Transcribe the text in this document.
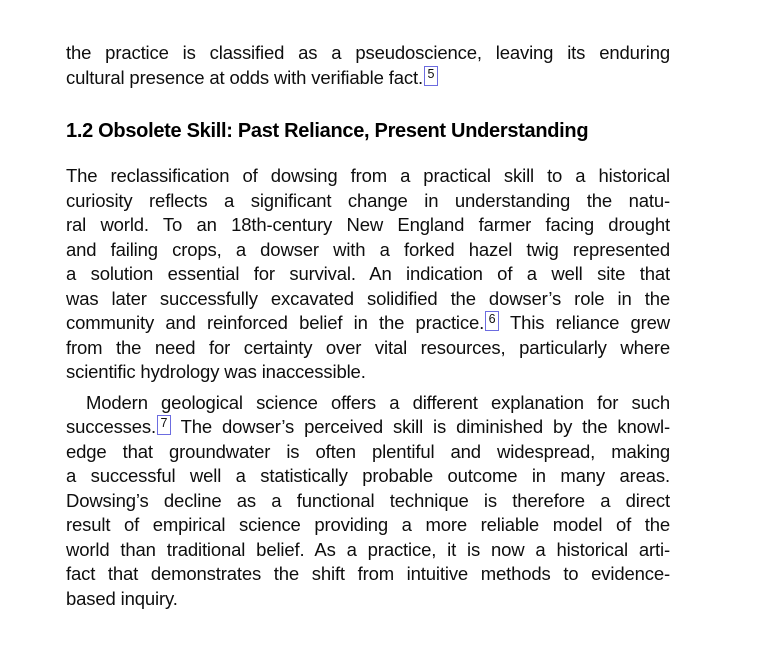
the practice is classified as a pseudoscience, leaving its enduring
cultural presence at odds with verifiable fact. 5
1.2 Obsolete Skill: Past Reliance, Present Understanding
The reclassification of dowsing from a practical skill to a historical
curiosity reflects a significant change in understanding the natu-
ral world. To an 18th-century New England farmer facing drought
and failing crops, a dowser with a forked hazel twig represented
a solution essential for survival. An indication of a well site that
was later successfully excavated solidified the dowser’s role in the
community and reinforced belief in the practice. 6 This reliance grew
from the need for certainty over vital resources, particularly where
scientific hydrology was inaccessible.
Modern geological science offers a different explanation for such
successes. 7 The dowser’s perceived skill is diminished by the knowl-
edge that groundwater is often plentiful and widespread, making
a successful well a statistically probable outcome in many areas.
Dowsing’s decline as a functional technique is therefore a direct
result of empirical science providing a more reliable model of the
world than traditional belief. As a practice, it is now a historical arti-
fact that demonstrates the shift from intuitive methods to evidence-
based inquiry.
